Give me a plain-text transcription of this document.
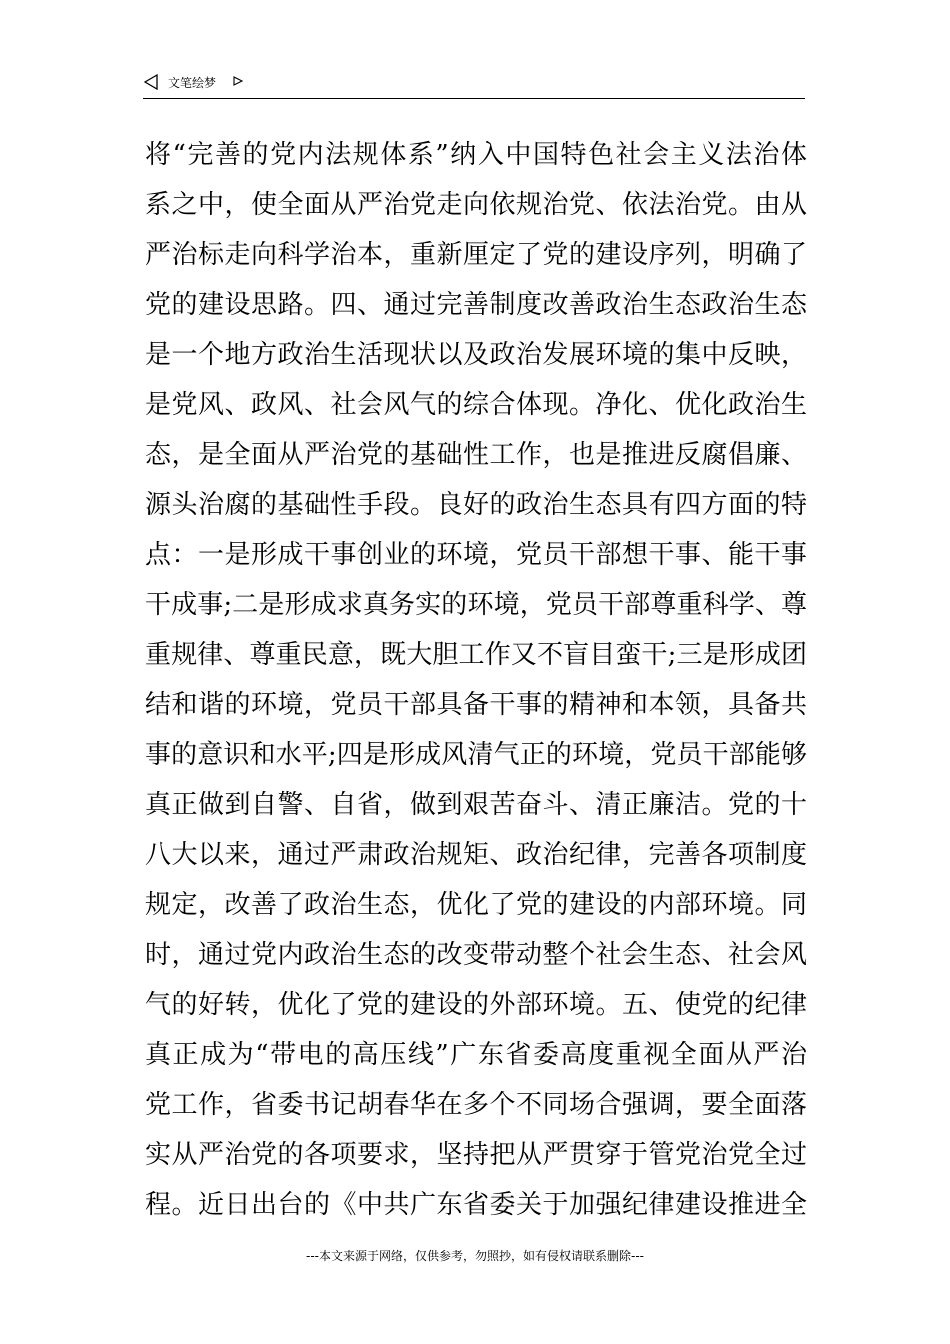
文笔绘梦
将“完善的党内法规体系”纳入中国特色社会主义法治体
系之中，使全面从严治党走向依规治党、依法治党。由从
严治标走向科学治本，重新厘定了党的建设序列，明确了
党的建设思路。四、通过完善制度改善政治生态政治生态
是一个地方政治生活现状以及政治发展环境的集中反映，
是党风、政风、社会风气的综合体现。净化、优化政治生
态，是全面从严治党的基础性工作，也是推进反腐倡廉、
源头治腐的基础性手段。良好的政治生态具有四方面的特
点：一是形成干事创业的环境，党员干部想干事、能干事
干成事;二是形成求真务实的环境，党员干部尊重科学、尊
重规律、尊重民意，既大胆工作又不盲目蛮干;三是形成团
结和谐的环境，党员干部具备干事的精神和本领，具备共
事的意识和水平;四是形成风清气正的环境，党员干部能够
真正做到自警、自省，做到艰苦奋斗、清正廉洁。党的十
八大以来，通过严肃政治规矩、政治纪律，完善各项制度
规定，改善了政治生态，优化了党的建设的内部环境。同
时，通过党内政治生态的改变带动整个社会生态、社会风
气的好转，优化了党的建设的外部环境。五、使党的纪律
真正成为“带电的高压线”广东省委高度重视全面从严治
党工作，省委书记胡春华在多个不同场合强调，要全面落
实从严治党的各项要求，坚持把从严贯穿于管党治党全过
程。近日出台的《中共广东省委关于加强纪律建设推进全
---本文来源于网络，仅供参考，勿照抄，如有侵权请联系删除---
